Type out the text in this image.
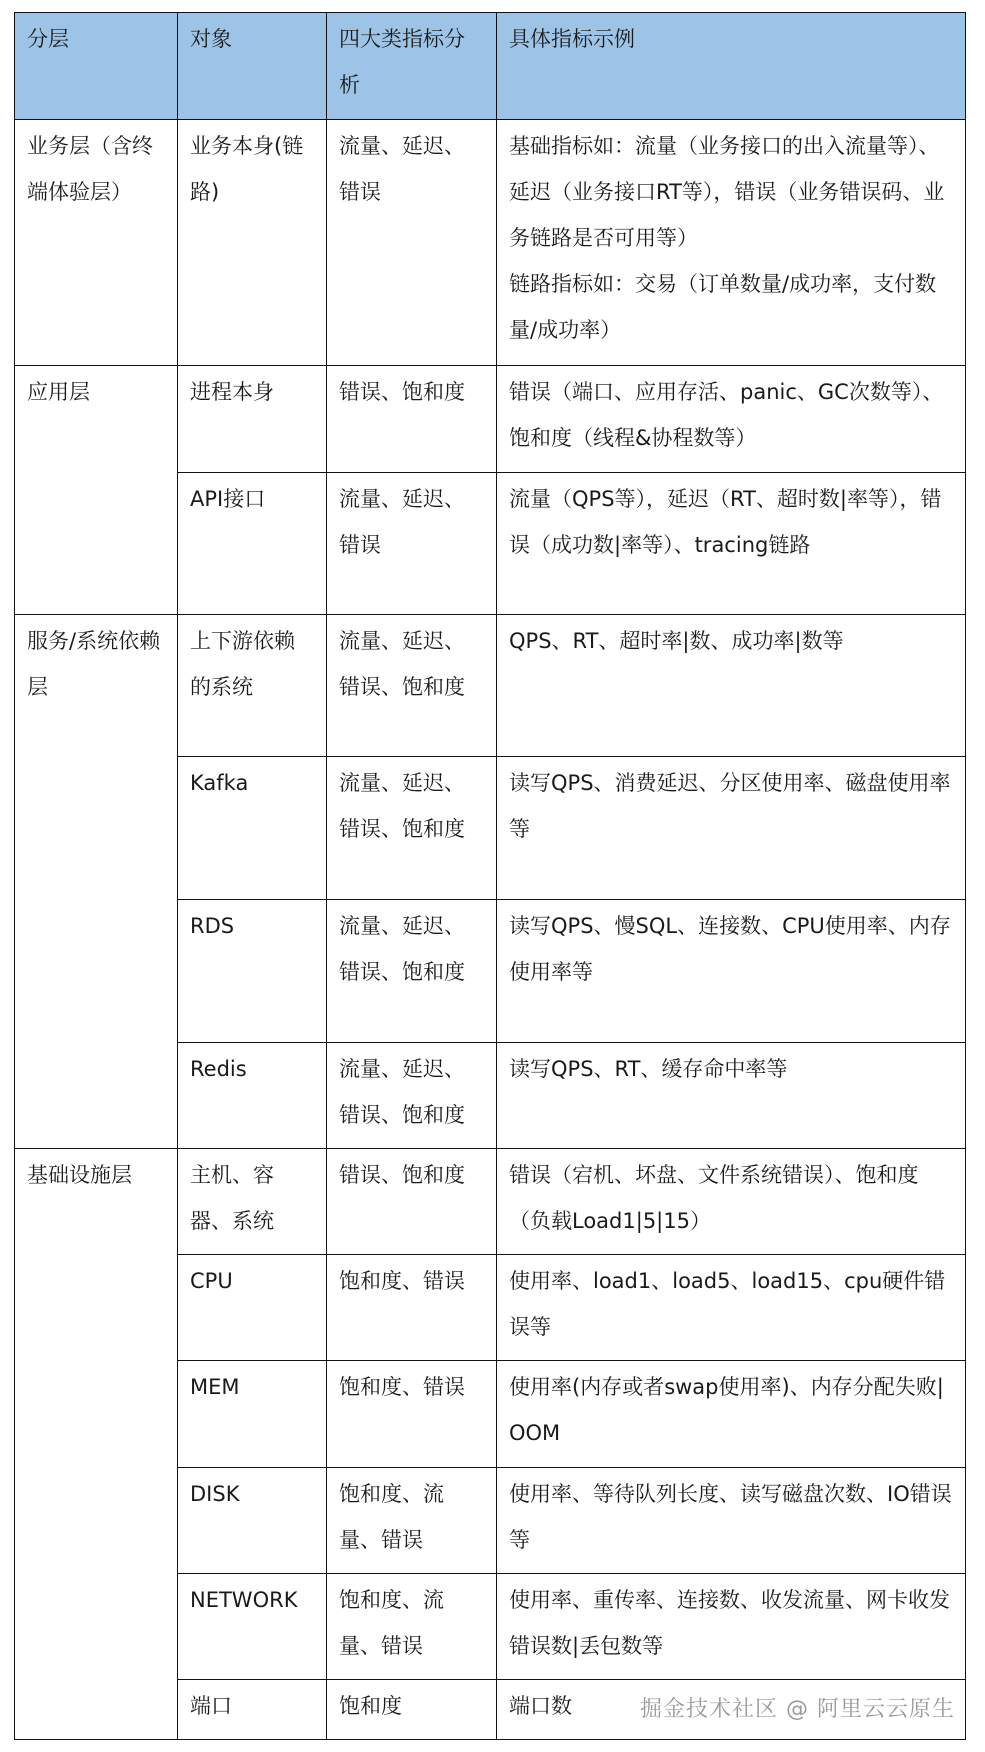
分层	对象	四大类指标分析	具体指标示例
业务层（含终端体验层）	业务本身(链路)	流量、延迟、错误	基础指标如：流量（业务接口的出入流量等）、延迟（业务接口RT等），错误（业务错误码、业务链路是否可用等）
链路指标如：交易（订单数量/成功率，支付数量/成功率）

应用层	进程本身	错误、饱和度	错误（端口、应用存活、panic、GC次数等）、饱和度（线程&协程数等）
	API接口	流量、延迟、错误	流量（QPS等），延迟（RT、超时数|率等），错误（成功数|率等）、tracing链路
服务/系统依赖层	上下游依赖的系统	流量、延迟、错误、饱和度	QPS、RT、超时率|数、成功率|数等
	Kafka	流量、延迟、错误、饱和度	读写QPS、消费延迟、分区使用率、磁盘使用率等
	RDS	流量、延迟、错误、饱和度	读写QPS、慢SQL、连接数、CPU使用率、内存使用率等
	Redis	流量、延迟、错误、饱和度	读写QPS、RT、缓存命中率等
基础设施层	主机、容器、系统	错误、饱和度	错误（宕机、坏盘、文件系统错误）、饱和度（负载Load1|5|15）
	CPU	饱和度、错误	使用率、load1、load5、load15、cpu硬件错误等
	MEM	饱和度、错误	使用率(内存或者swap使用率)、内存分配失败|OOM
	DISK	饱和度、流量、错误	使用率、等待队列长度、读写磁盘次数、IO错误等
	NETWORK	饱和度、流量、错误	使用率、重传率、连接数、收发流量、网卡收发错误数|丢包数等
	端口	饱和度	端口数	掘金技术社区 @ 阿里云云原生
